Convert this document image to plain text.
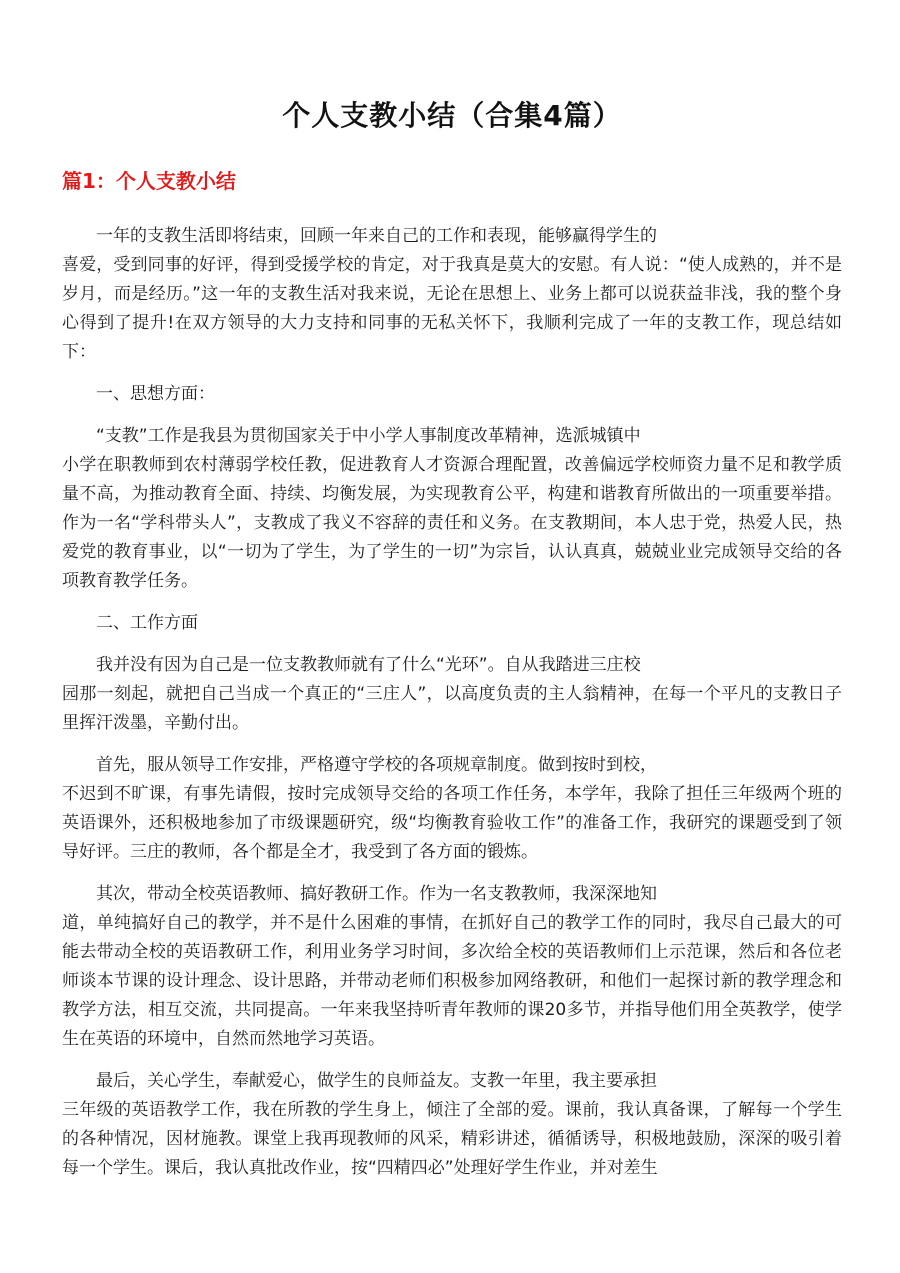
个人支教小结（合集4篇）
篇1：个人支教小结

一年的支教生活即将结束，回顾一年来自己的工作和表现，能够赢得学生的
喜爱，受到同事的好评，得到受援学校的肯定，对于我真是莫大的安慰。有人说：“使人成熟的，并不是岁月，而是经历。”这一年的支教生活对我来说，无论在思想上、业务上都可以说获益非浅，我的整个身心得到了提升!在双方领导的大力支持和同事的无私关怀下，我顺利完成了一年的支教工作，现总结如下：

一、思想方面：

“支教”工作是我县为贯彻国家关于中小学人事制度改革精神，选派城镇中
小学在职教师到农村薄弱学校任教，促进教育人才资源合理配置，改善偏远学校师资力量不足和教学质量不高，为推动教育全面、持续、均衡发展，为实现教育公平，构建和谐教育所做出的一项重要举措。作为一名“学科带头人”，支教成了我义不容辞的责任和义务。在支教期间，本人忠于党，热爱人民，热爱党的教育事业，以“一切为了学生，为了学生的一切”为宗旨，认认真真，兢兢业业完成领导交给的各项教育教学任务。

二、工作方面

我并没有因为自己是一位支教教师就有了什么“光环”。自从我踏进三庄校
园那一刻起，就把自己当成一个真正的“三庄人”，以高度负责的主人翁精神，在每一个平凡的支教日子里挥汗泼墨，辛勤付出。

首先，服从领导工作安排，严格遵守学校的各项规章制度。做到按时到校，
不迟到不旷课，有事先请假，按时完成领导交给的各项工作任务，本学年，我除了担任三年级两个班的英语课外，还积极地参加了市级课题研究，级“均衡教育验收工作”的准备工作，我研究的课题受到了领导好评。三庄的教师，各个都是全才，我受到了各方面的锻炼。

其次，带动全校英语教师、搞好教研工作。作为一名支教教师，我深深地知
道，单纯搞好自己的教学，并不是什么困难的事情，在抓好自己的教学工作的同时，我尽自己最大的可能去带动全校的英语教研工作，利用业务学习时间，多次给全校的英语教师们上示范课，然后和各位老师谈本节课的设计理念、设计思路，并带动老师们积极参加网络教研，和他们一起探讨新的教学理念和教学方法，相互交流，共同提高。一年来我坚持听青年教师的课20多节，并指导他们用全英教学，使学生在英语的环境中，自然而然地学习英语。

最后，关心学生，奉献爱心，做学生的良师益友。支教一年里，我主要承担
三年级的英语教学工作，我在所教的学生身上，倾注了全部的爱。课前，我认真备课，了解每一个学生的各种情况，因材施教。课堂上我再现教师的风采，精彩讲述，循循诱导，积极地鼓励，深深的吸引着每一个学生。课后，我认真批改作业，按“四精四必”处理好学生作业，并对差生
